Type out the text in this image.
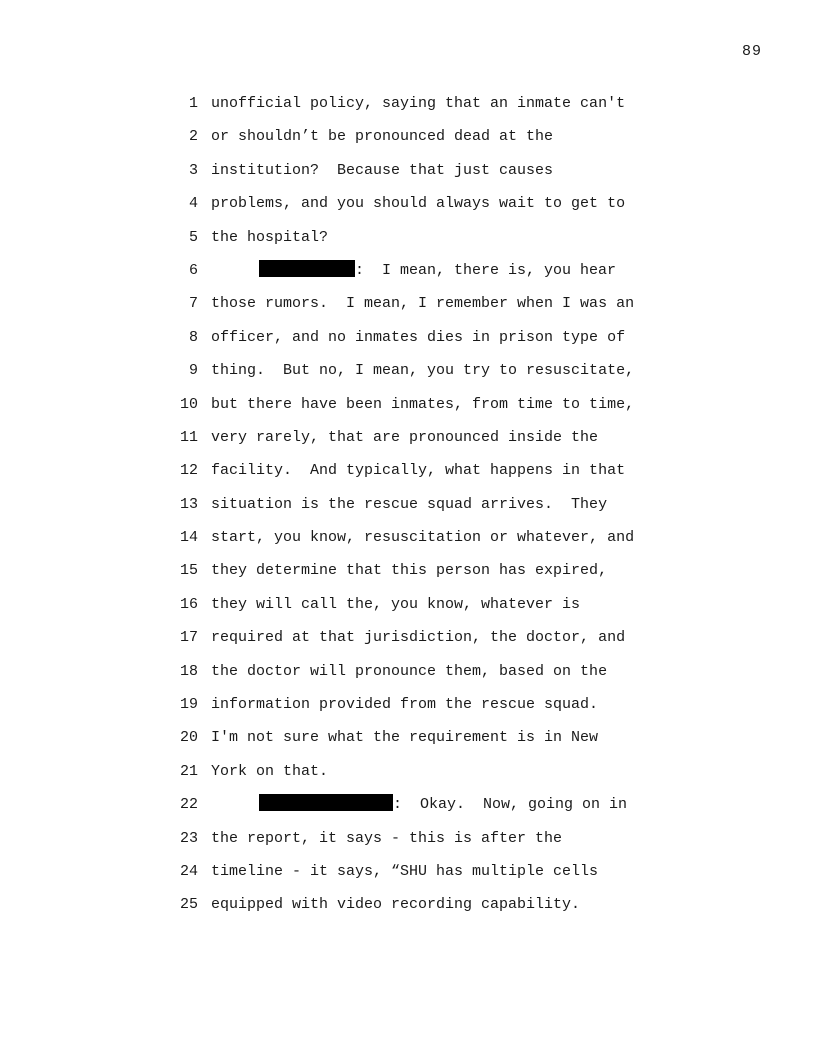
89
1 unofficial policy, saying that an inmate can't
2 or shouldn’t be pronounced dead at the
3 institution?  Because that just causes
4 problems, and you should always wait to get to
5 the hospital?
6	:  I mean, there is, you hear
7 those rumors.  I mean, I remember when I was an
8 officer, and no inmates dies in prison type of
9 thing.  But no, I mean, you try to resuscitate,
10 but there have been inmates, from time to time,
11 very rarely, that are pronounced inside the
12 facility.  And typically, what happens in that
13 situation is the rescue squad arrives.  They
14 start, you know, resuscitation or whatever, and
15 they determine that this person has expired,
16 they will call the, you know, whatever is
17 required at that jurisdiction, the doctor, and
18 the doctor will pronounce them, based on the
19 information provided from the rescue squad.
20 I'm not sure what the requirement is in New
21 York on that.
22	:  Okay.  Now, going on in
23 the report, it says - this is after the
24 timeline - it says, “SHU has multiple cells
25 equipped with video recording capability.
